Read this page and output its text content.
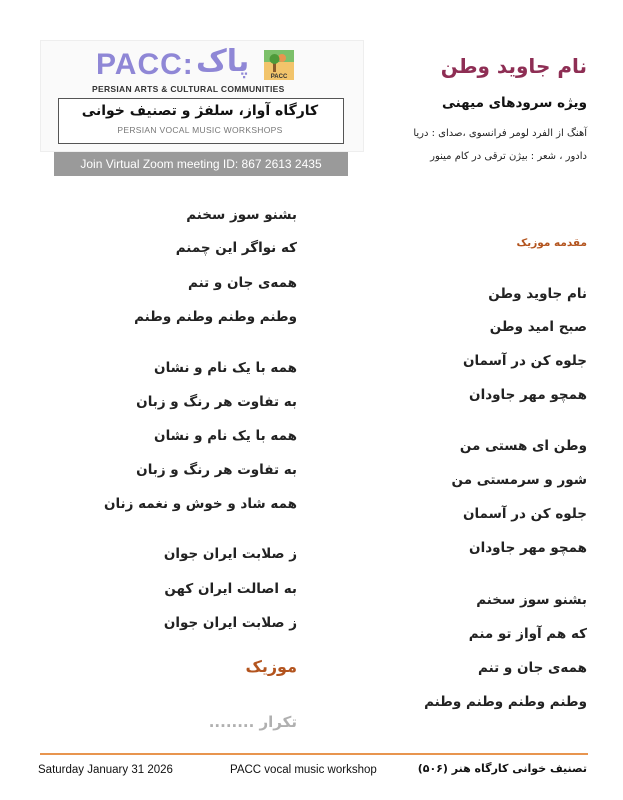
PACC: پاک	PACC
PERSIAN ARTS & CULTURAL COMMUNITIES
کارگاه آواز، سلفژ و تصنیف خوانی
PERSIAN VOCAL MUSIC WORKSHOPS
Join Virtual Zoom meeting ID: 867 2613 2435
نام جاوید وطن
ویژه سرودهای میهنی
آهنگ از الفرد لومر فرانسوی ،صدای : دریا
دادور ، شعر : بیژن ترقی در کام مینور
مقدمه موزیک
بشنو سوز سخنم
که نواگر این چمنم
همه‌ی جان و تنم
وطنم وطنم وطنم وطنم
همه با یک نام و نشان
به تفاوت هر رنگ و زبان
همه با یک نام و نشان
به تفاوت هر رنگ و زبان
همه شاد و خوش و نغمه زنان
ز صلابت ایران جوان
به اصالت ایران کهن
ز صلابت ایران جوان
موزیک
تکرار ........
نام جاوید وطن
صبح امید وطن
جلوه کن در آسمان
همچو مهر جاودان
وطن ای هستی من
شور و سرمستی من
جلوه کن در آسمان
همچو مهر جاودان
بشنو سوز سخنم
که هم آواز تو منم
همه‌ی جان و تنم
وطنم وطنم وطنم وطنم
Saturday January 31 2026	PACC vocal music workshop	تصنیف خوانی کارگاه هنر (۵۰۶)
